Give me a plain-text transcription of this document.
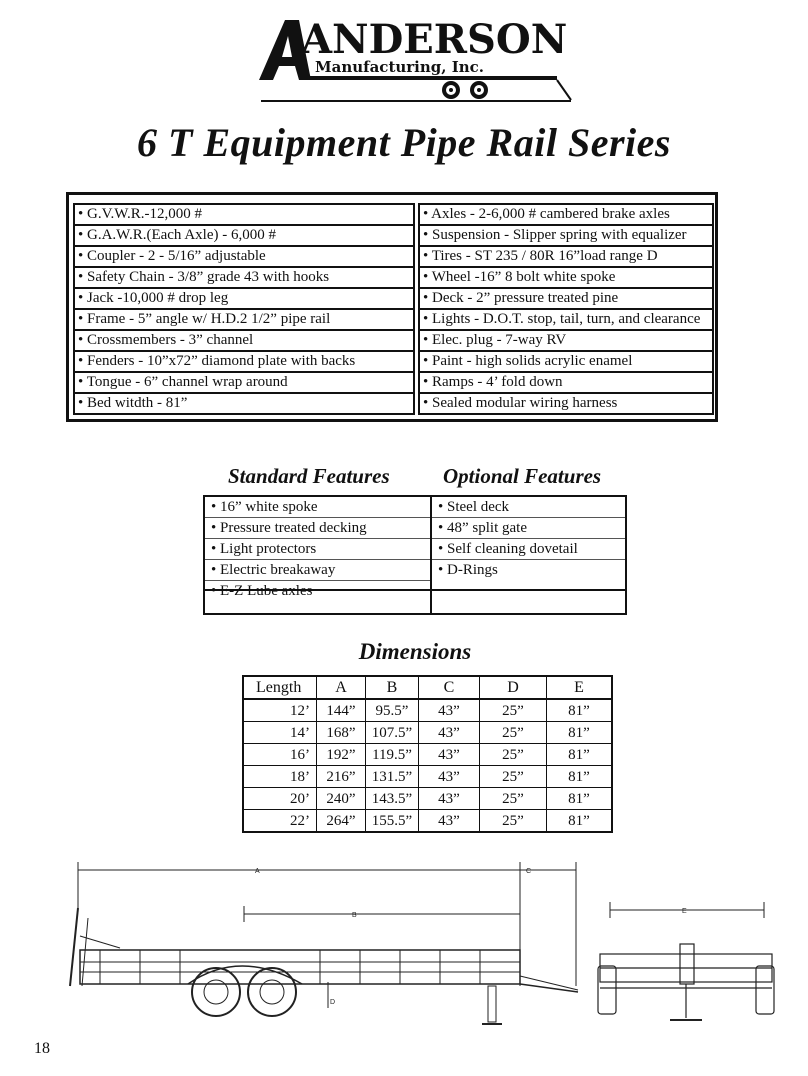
ANDERSON
Manufacturing, Inc.
6 T Equipment Pipe Rail Series
• G.V.W.R.-12,000 #
• G.A.W.R.(Each Axle) - 6,000 #
• Coupler - 2 - 5/16” adjustable
• Safety Chain - 3/8” grade 43 with hooks
• Jack -10,000 # drop leg
• Frame - 5” angle w/ H.D.2 1/2” pipe rail
• Crossmembers - 3” channel
• Fenders - 10”x72” diamond plate with backs
• Tongue - 6” channel wrap around
• Bed witdth - 81”
• Axles - 2-6,000 # cambered brake axles
• Suspension - Slipper spring with equalizer
• Tires - ST 235 / 80R 16”load range D
• Wheel -16” 8 bolt white spoke
• Deck - 2” pressure treated pine
• Lights - D.O.T. stop, tail, turn, and clearance
• Elec. plug - 7-way RV
• Paint - high solids acrylic enamel
• Ramps - 4’ fold down
• Sealed modular wiring harness
Standard Features	Optional Features
• 16” white spoke
• Pressure treated decking
• Light protectors
• Electric breakaway
• E-Z Lube axles
• Steel deck
• 48” split gate
• Self cleaning dovetail
• D-Rings
Dimensions
Length	A	B	C	D	E
12’	144”	95.5”	43”	25”	81”
14’	168”	107.5”	43”	25”	81”
16’	192”	119.5”	43”	25”	81”
18’	216”	131.5”	43”	25”	81”
20’	240”	143.5”	43”	25”	81”
22’	264”	155.5”	43”	25”	81”
A	C
B
D
E
18
